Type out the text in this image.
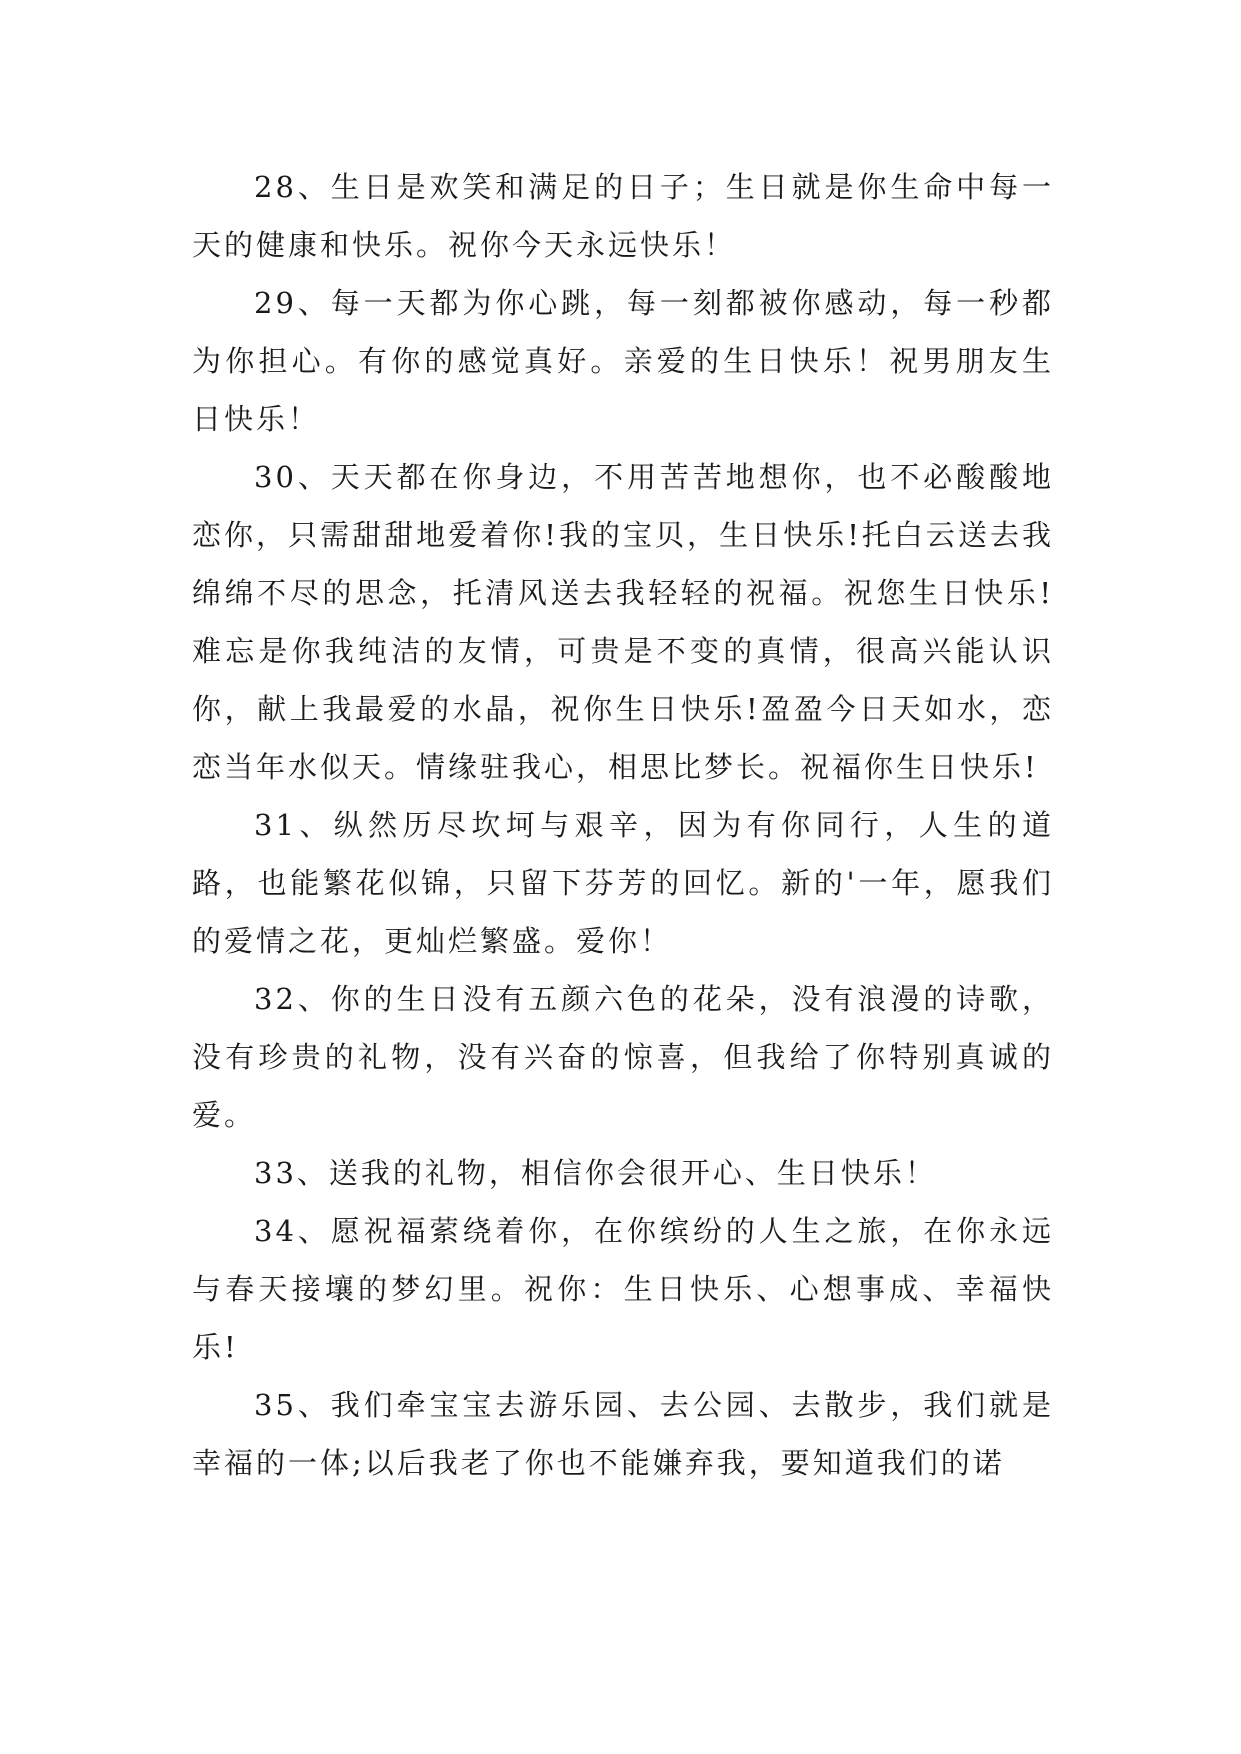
28、生日是欢笑和满足的日子；生日就是你生命中每一天的健康和快乐。祝你今天永远快乐！

29、每一天都为你心跳，每一刻都被你感动，每一秒都为你担心。有你的感觉真好。亲爱的生日快乐！祝男朋友生日快乐！

30、天天都在你身边，不用苦苦地想你，也不必酸酸地恋你，只需甜甜地爱着你!我的宝贝，生日快乐!托白云送去我绵绵不尽的思念，托清风送去我轻轻的祝福。祝您生日快乐!难忘是你我纯洁的友情，可贵是不变的真情，很高兴能认识你，献上我最爱的水晶，祝你生日快乐!盈盈今日天如水，恋恋当年水似天。情缘驻我心，相思比梦长。祝福你生日快乐!

31、纵然历尽坎坷与艰辛，因为有你同行，人生的道路，也能繁花似锦，只留下芬芳的回忆。新的'一年，愿我们的爱情之花，更灿烂繁盛。爱你！

32、你的生日没有五颜六色的花朵，没有浪漫的诗歌，没有珍贵的礼物，没有兴奋的惊喜，但我给了你特别真诚的爱。

33、送我的礼物，相信你会很开心、生日快乐！

34、愿祝福萦绕着你，在你缤纷的人生之旅，在你永远与春天接壤的梦幻里。祝你：生日快乐、心想事成、幸福快乐!

35、我们牵宝宝去游乐园、去公园、去散步，我们就是幸福的一体;以后我老了你也不能嫌弃我，要知道我们的诺
